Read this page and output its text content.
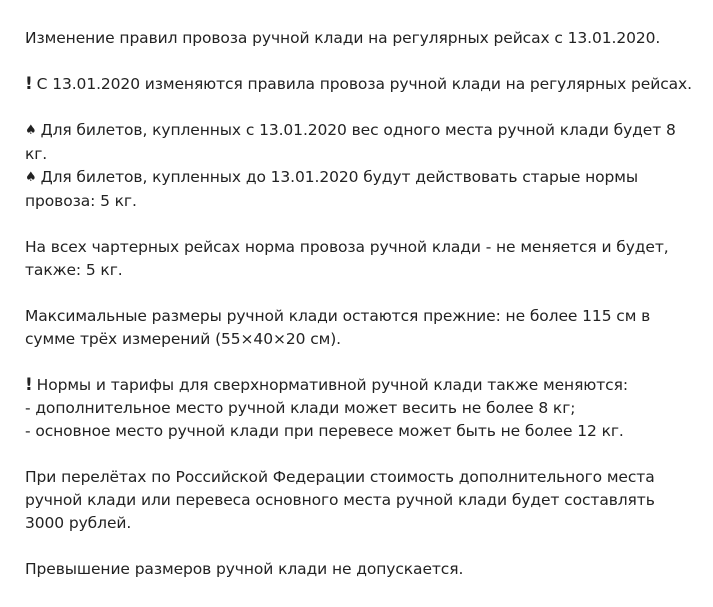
Изменение правил провоза ручной клади на регулярных рейсах с 13.01.2020.

! С 13.01.2020 изменяются правила провоза ручной клади на регулярных рейсах.

♠ Для билетов, купленных с 13.01.2020 вес одного места ручной клади будет 8 кг.
♠ Для билетов, купленных до 13.01.2020 будут действовать старые нормы провоза: 5 кг.

На всех чартерных рейсах норма провоза ручной клади - не меняется и будет, также: 5 кг.

Максимальные размеры ручной клади остаются прежние: не более 115 см в сумме трёх измерений (55×40×20 см).

! Нормы и тарифы для сверхнормативной ручной клади также меняются:
- дополнительное место ручной клади может весить не более 8 кг;
- основное место ручной клади при перевесе может быть не более 12 кг.

При перелётах по Российской Федерации стоимость дополнительного места ручной клади или перевеса основного места ручной клади будет составлять 3000 рублей.

Превышение размеров ручной клади не допускается.
